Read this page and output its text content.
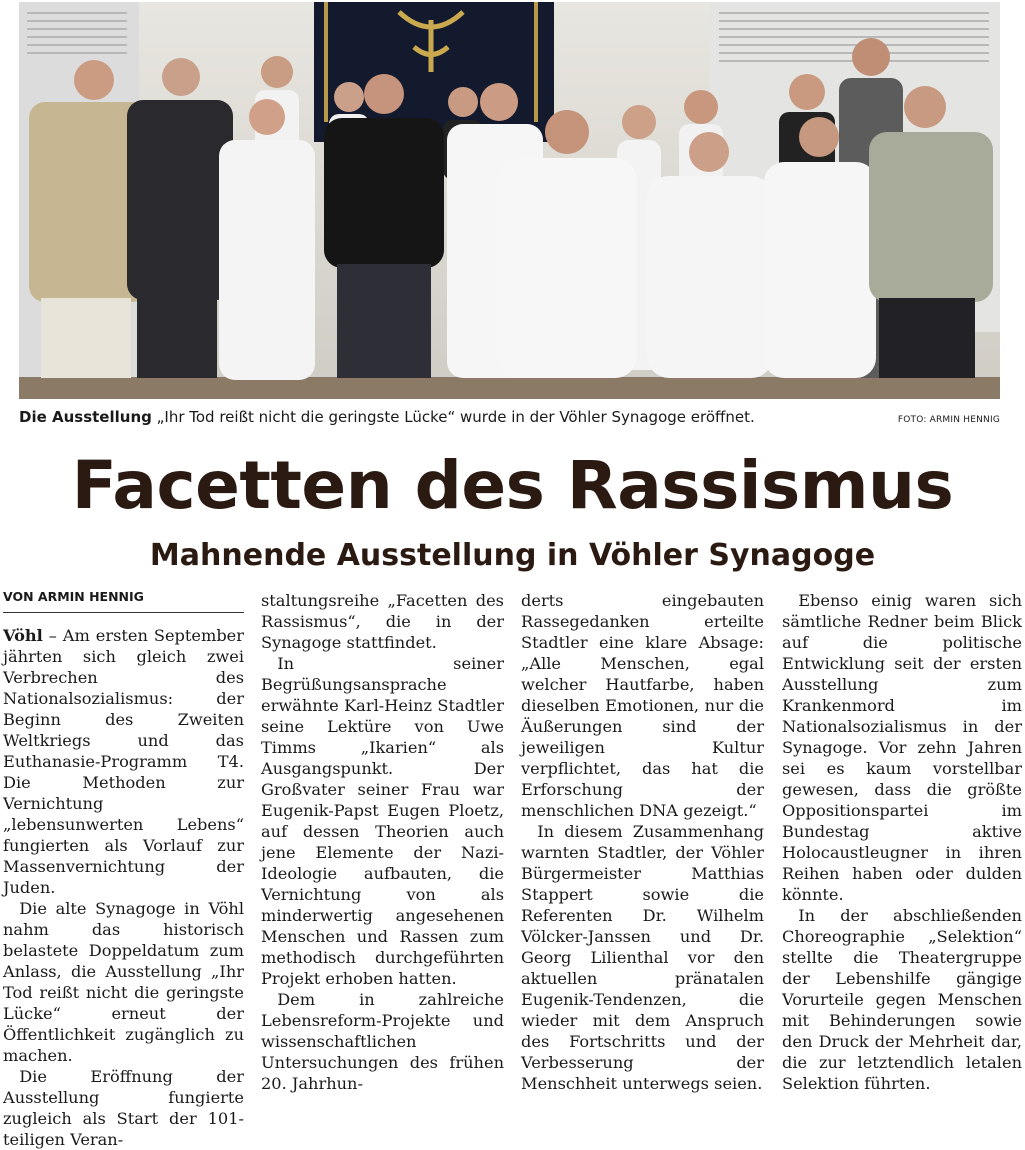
Die Ausstellung „Ihr Tod reißt nicht die geringste Lücke“ wurde in der Vöhler Synagoge eröffnet.	FOTO: ARMIN HENNIG
Facetten des Rassismus
Mahnende Ausstellung in Vöhler Synagoge
VON ARMIN HENNIG

Vöhl – Am ersten September jährten sich gleich zwei Verbrechen des Nationalsozialismus: der Beginn des Zweiten Weltkriegs und das Euthanasie-Programm T4. Die Methoden zur Vernichtung „lebensunwerten Lebens“ fungierten als Vorlauf zur Massenvernichtung der Juden.

Die alte Synagoge in Vöhl nahm das historisch belastete Doppeldatum zum Anlass, die Ausstellung „Ihr Tod reißt nicht die geringste Lücke“ erneut der Öffentlichkeit zugänglich zu machen.

Die Eröffnung der Ausstellung fungierte zugleich als Start der 101-teiligen Veran-

staltungsreihe „Facetten des Rassismus“, die in der Synagoge stattfindet.

In seiner Begrüßungsansprache erwähnte Karl-Heinz Stadtler seine Lektüre von Uwe Timms „Ikarien“ als Ausgangspunkt. Der Großvater seiner Frau war Eugenik-Papst Eugen Ploetz, auf dessen Theorien auch jene Elemente der Nazi-Ideologie aufbauten, die Vernichtung von als minderwertig angesehenen Menschen und Rassen zum methodisch durchgeführten Projekt erhoben hatten.

Dem in zahlreiche Lebensreform-Projekte und wissenschaftlichen Untersuchungen des frühen 20. Jahrhun-

derts eingebauten Rassegedanken erteilte Stadtler eine klare Absage: „Alle Menschen, egal welcher Hautfarbe, haben dieselben Emotionen, nur die Äußerungen sind der jeweiligen Kultur verpflichtet, das hat die Erforschung der menschlichen DNA gezeigt.“

In diesem Zusammenhang warnten Stadtler, der Vöhler Bürgermeister Matthias Stappert sowie die Referenten Dr. Wilhelm Völcker-Janssen und Dr. Georg Lilienthal vor den aktuellen pränatalen Eugenik-Tendenzen, die wieder mit dem Anspruch des Fortschritts und der Verbesserung der Menschheit unterwegs seien.

Ebenso einig waren sich sämtliche Redner beim Blick auf die politische Entwicklung seit der ersten Ausstellung zum Krankenmord im Nationalsozialismus in der Synagoge. Vor zehn Jahren sei es kaum vorstellbar gewesen, dass die größte Oppositionspartei im Bundestag aktive Holocaustleugner in ihren Reihen haben oder dulden könnte.

In der abschließenden Choreographie „Selektion“ stellte die Theatergruppe der Lebenshilfe gängige Vorurteile gegen Menschen mit Behinderungen sowie den Druck der Mehrheit dar, die zur letztendlich letalen Selektion führten.
